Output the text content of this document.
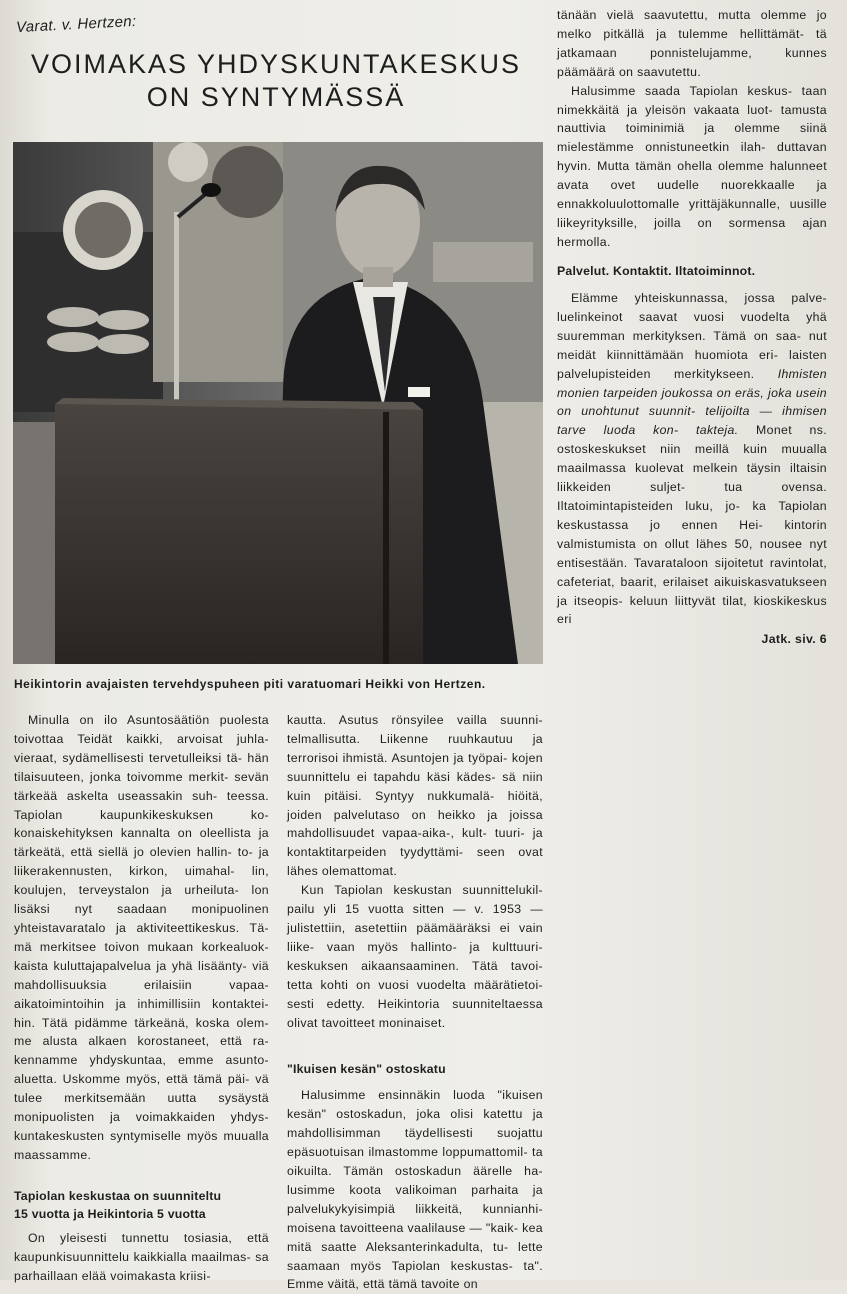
Varat. v. Hertzen:
VOIMAKAS YHDYSKUNTAKESKUS
ON SYNTYMÄSSÄ
Heikintorin avajaisten tervehdyspuheen piti varatuomari Heikki von Hertzen.

tänään vielä saavutettu, mutta olemme jo melko pitkällä ja tulemme hellittämät- tä jatkamaan ponnistelujamme, kunnes päämäärä on saavutettu.

Halusimme saada Tapiolan keskus- taan nimekkäitä ja yleisön vakaata luot- tamusta nauttivia toiminimiä ja olemme siinä mielestämme onnistuneetkin ilah- duttavan hyvin. Mutta tämän ohella olemme halunneet avata ovet uudelle nuorekkaalle ja ennakkoluulottomalle yrittäjäkunnalle, uusille liikeyrityksille, joilla on sormensa ajan hermolla.

Palvelut. Kontaktit. Iltatoiminnot.

Elämme yhteiskunnassa, jossa palve- luelinkeinot saavat vuosi vuodelta yhä suuremman merkityksen. Tämä on saa- nut meidät kiinnittämään huomiota eri- laisten palvelupisteiden merkitykseen. Ihmisten monien tarpeiden joukossa on eräs, joka usein on unohtunut suunnit- telijoilta — ihmisen tarve luoda kon- takteja. Monet ns. ostoskeskukset niin meillä kuin muualla maailmassa kuolevat melkein täysin iltaisin liikkeiden suljet- tua ovensa. Iltatoimintapisteiden luku, jo- ka Tapiolan keskustassa jo ennen Hei- kintorin valmistumista on ollut lähes 50, nousee nyt entisestään. Tavarataloon sijoitetut ravintolat, cafeteriat, baarit, erilaiset aikuiskasvatukseen ja itseopis- keluun liittyvät tilat, kioskikeskus eri

Jatk. siv. 6

Minulla on ilo Asuntosäätiön puolesta toivottaa Teidät kaikki, arvoisat juhla- vieraat, sydämellisesti tervetulleiksi tä- hän tilaisuuteen, jonka toivomme merkit- sevän tärkeää askelta useassakin suh- teessa. Tapiolan kaupunkikeskuksen ko- konaiskehityksen kannalta on oleellista ja tärkeätä, että siellä jo olevien hallin- to- ja liikerakennusten, kirkon, uimahal- lin, koulujen, terveystalon ja urheiluta- lon lisäksi nyt saadaan monipuolinen yhteistavaratalo ja aktiviteettikeskus. Tä- mä merkitsee toivon mukaan korkealuok- kaista kuluttajapalvelua ja yhä lisäänty- viä mahdollisuuksia erilaisiin vapaa- aikatoimintoihin ja inhimillisiin kontaktei- hin. Tätä pidämme tärkeänä, koska olem- me alusta alkaen korostaneet, että ra- kennamme yhdyskuntaa, emme asunto- aluetta. Uskomme myös, että tämä päi- vä tulee merkitsemään uutta sysäystä monipuolisten ja voimakkaiden yhdys- kuntakeskusten syntymiselle myös muualla maassamme.

Tapiolan keskustaa on suunniteltu
15 vuotta ja Heikintoria 5 vuotta

On yleisesti tunnettu tosiasia, että kaupunkisuunnittelu kaikkialla maailmas- sa parhaillaan elää voimakasta kriisi-

kautta. Asutus rönsyilee vailla suunni- telmallisutta. Liikenne ruuhkautuu ja terrorisoi ihmistä. Asuntojen ja työpai- kojen suunnittelu ei tapahdu käsi kädes- sä niin kuin pitäisi. Syntyy nukkumalä- hiöitä, joiden palvelutaso on heikko ja joissa mahdollisuudet vapaa-aika-, kult- tuuri- ja kontaktitarpeiden tyydyttämi- seen ovat lähes olemattomat.

Kun Tapiolan keskustan suunnittelukil- pailu yli 15 vuotta sitten — v. 1953 — julistettiin, asetettiin päämääräksi ei vain liike- vaan myös hallinto- ja kulttuuri- keskuksen aikaansaaminen. Tätä tavoi- tetta kohti on vuosi vuodelta määrätietoi- sesti edetty. Heikintoria suunniteltaessa olivat tavoitteet moninaiset.

"Ikuisen kesän" ostoskatu

Halusimme ensinnäkin luoda "ikuisen kesän" ostoskadun, joka olisi katettu ja mahdollisimman täydellisesti suojattu epäsuotuisan ilmastomme loppumattomil- ta oikuilta. Tämän ostoskadun äärelle ha- lusimme koota valikoiman parhaita ja palvelukykyisimpiä liikkeitä, kunnianhi- moisena tavoitteena vaalilause — "kaik- kea mitä saatte Aleksanterinkadulta, tu- lette saamaan myös Tapiolan keskustas- ta". Emme väitä, että tämä tavoite on
